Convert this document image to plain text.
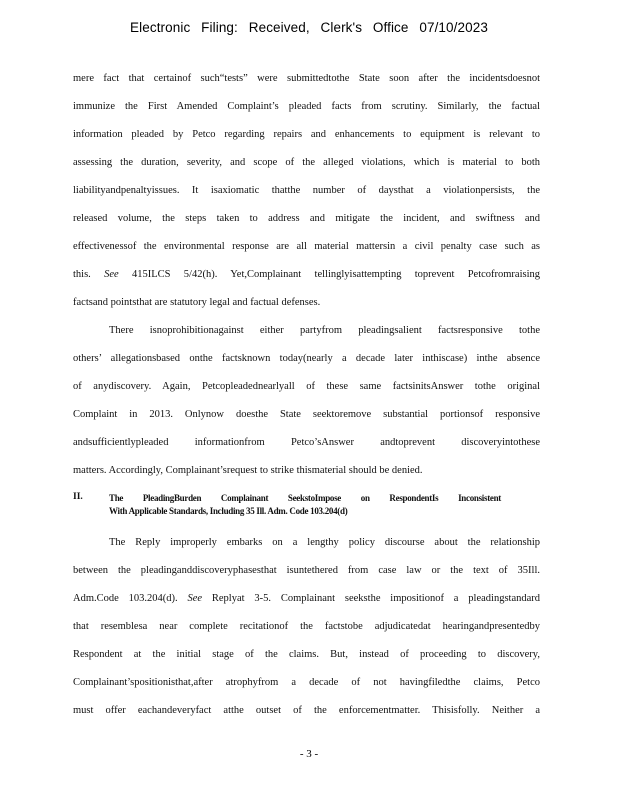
Electronic Filing: Received, Clerk's Office 07/10/2023
mere fact that certainof such“tests” were submittedtothe State soon after the incidentsdoesnot
immunize the First Amended Complaint’s pleaded facts from scrutiny. Similarly, the factual
information pleaded by Petco regarding repairs and enhancements to equipment is relevant to
assessing the duration, severity, and scope of the alleged violations, which is material to both
liabilityandpenaltyissues. It isaxiomatic thatthe number of daysthat a violationpersists, the
released volume, the steps taken to address and mitigate the incident, and swiftness and
effectivenessof the environmental response are all material mattersin a civil penalty case such as
this. See 415ILCS 5/42(h). Yet,Complainant tellinglyisattempting toprevent Petcofromraising
factsand pointsthat are statutory legal and factual defenses.
There isnoprohibitionagainst either partyfrom pleadingsalient factsresponsive tothe
others’ allegationsbased onthe factsknown today(nearly a decade later inthiscase) inthe absence
of anydiscovery. Again, Petcopleadednearlyall of these same factsinitsAnswer tothe original
Complaint in 2013. Onlynow doesthe State seektoremove substantial portionsof responsive
andsufficientlypleaded informationfrom Petco’sAnswer andtoprevent discoveryintothese
matters. Accordingly, Complainant’srequest to strike thismaterial should be denied.
II.	The PleadingBurden Complainant SeekstoImpose on RespondentIs Inconsistent
With Applicable Standards, Including 35 Ill. Adm. Code 103.204(d)
The Reply improperly embarks on a lengthy policy discourse about the relationship
between the pleadinganddiscoveryphasesthat isuntethered from case law or the text of 35Ill.
Adm.Code 103.204(d). See Replyat 3-5. Complainant seeksthe impositionof a pleadingstandard
that resemblesa near complete recitationof the factstobe adjudicatedat hearingandpresentedby
Respondent at the initial stage of the claims. But, instead of proceeding to discovery,
Complainant’spositionisthat,after atrophyfrom a decade of not havingfiledthe claims, Petco
must offer eachandeveryfact atthe outset of the enforcementmatter. Thisisfolly. Neither a
- 3 -
